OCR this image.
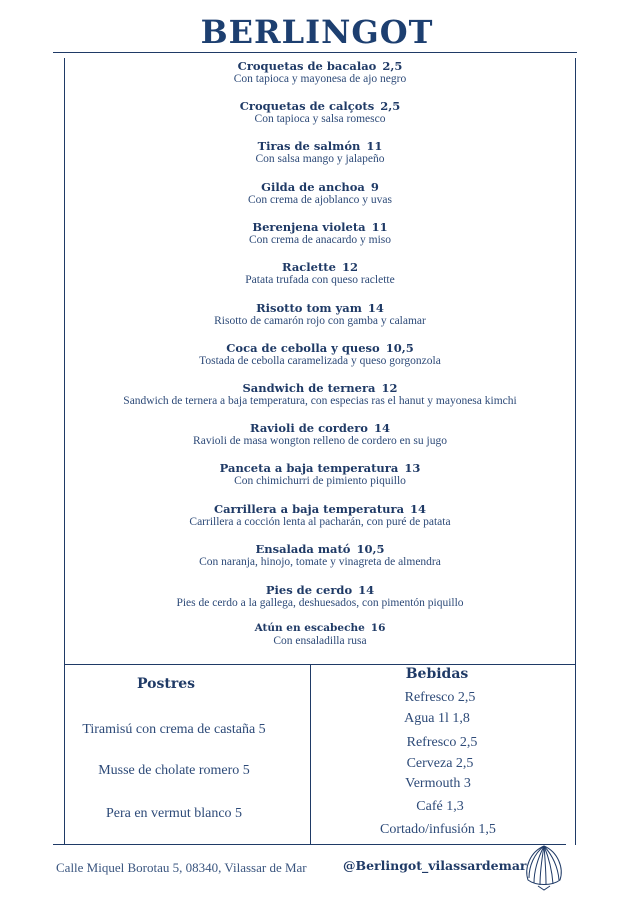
BERLINGOT
Croquetas de bacalao 2,5
Con tapioca y mayonesa de ajo negro
Croquetas de calçots 2,5
Con tapioca y salsa romesco
Tiras de salmón 11
Con salsa mango y jalapeño
Gilda de anchoa 9
Con crema de ajoblanco y uvas
Berenjena violeta 11
Con crema de anacardo y miso
Raclette 12
Patata trufada con queso raclette
Risotto tom yam 14
Risotto de camarón rojo con gamba y calamar
Coca de cebolla y queso 10,5
Tostada de cebolla caramelizada y queso gorgonzola
Sandwich de ternera 12
Sandwich de ternera a baja temperatura, con especias ras el hanut y mayonesa kimchi
Ravioli de cordero 14
Ravioli de masa wongton relleno de cordero en su jugo
Panceta a baja temperatura 13
Con chimichurri de pimiento piquillo
Carrillera a baja temperatura 14
Carrillera a cocción lenta al pacharán, con puré de patata
Ensalada mató 10,5
Con naranja, hinojo, tomate y vinagreta de almendra
Pies de cerdo 14
Pies de cerdo a la gallega, deshuesados, con pimentón piquillo
Atún en escabeche 16
Con ensaladilla rusa
Postres
Tiramisú con crema de castaña 5
Musse de cholate romero 5
Pera en vermut blanco 5
Bebidas
Refresco 2,5
Agua 1l 1,8
Refresco 2,5
Cerveza 2,5
Vermouth 3
Café 1,3
Cortado/infusión 1,5
Calle Miquel Borotau 5, 08340, Vilassar de Mar	@Berlingot_vilassardemar
